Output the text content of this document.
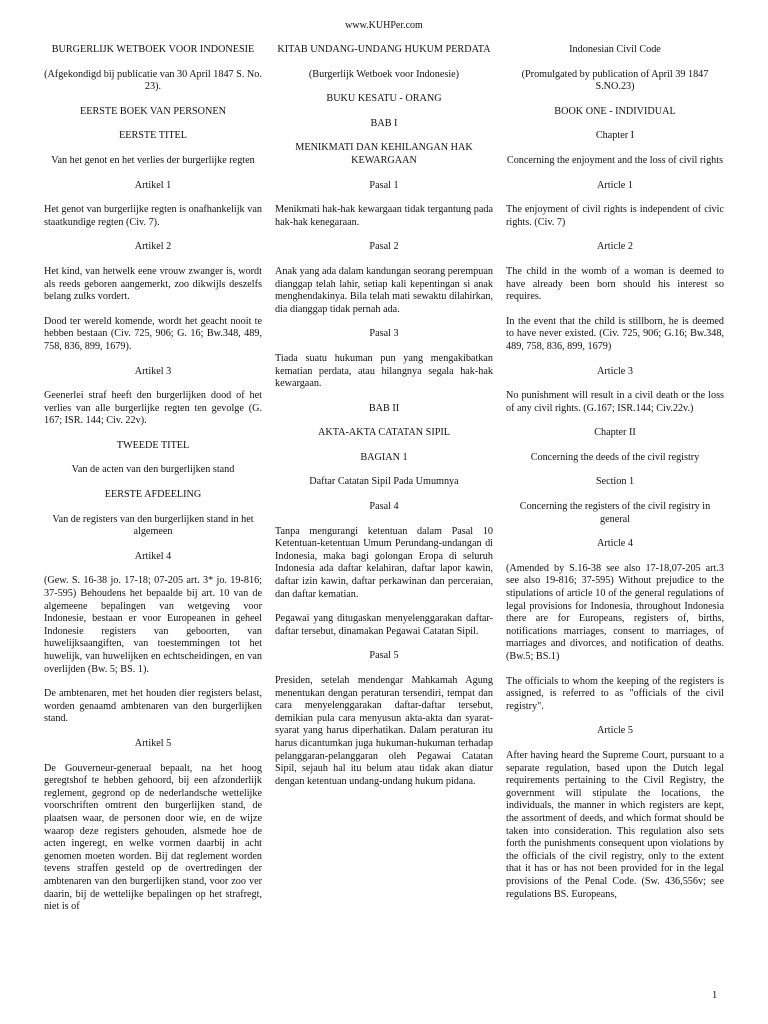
www.KUHPer.com
BURGERLIJK WETBOEK VOOR INDONESIE
(Afgekondigd bij publicatie van 30 April 1847 S. No. 23).
EERSTE BOEK VAN PERSONEN
EERSTE TITEL
Van het genot en het verlies der burgerlijke regten
Artikel 1
Het genot van burgerlijke regten is onafhankelijk van staatkundige regten (Civ. 7).
Artikel 2
Het kind, van hetwelk eene vrouw zwanger is, wordt als reeds geboren aangemerkt, zoo dikwijls deszelfs belang zulks vordert.
Dood ter wereld komende, wordt het geacht nooit te hebben bestaan (Civ. 725, 906; G. 16; Bw.348, 489, 758, 836, 899, 1679).
Artikel 3
Geenerlei straf heeft den burgerlijken dood of het verlies van alle burgerlijke regten ten gevolge (G. 167; ISR. 144; Civ. 22v).
TWEEDE TITEL
Van de acten van den burgerlijken stand
EERSTE AFDEELING
Van de registers van den burgerlijken stand in het algemeen
Artikel 4
(Gew. S. 16-38 jo. 17-18; 07-205 art. 3* jo. 19-816; 37-595) Behoudens het bepaalde bij art. 10 van de algemeene bepalingen van wetgeving voor Indonesie, bestaan er voor Europeanen in geheel Indonesie registers van geboorten, van huwelijksaangiften, van toestemmingen tot het huwelijk, van huwelijken en echtscheidingen, en van overlijden (Bw. 5; BS. 1).
De ambtenaren, met het houden dier registers belast, worden genaamd ambtenaren van den burgerlijken stand.
Artikel 5
De Gouverneur-generaal bepaalt, na het hoog geregtshof te hebben gehoord, bij een afzonderlijk reglement, gegrond op de nederlandsche wettelijke voorschriften omtrent den burgerlijken stand, de plaatsen waar, de personen door wie, en de wijze waarop deze registers gehouden, alsmede hoe de acten ingeregt, en welke vormen daarbij in acht genomen moeten worden. Bij dat reglement worden tevens straffen gesteld op de overtredingen der ambtenaren van den burgerlijken stand, voor zoo ver daarin, bij de wettelijke bepalingen op het strafregt, niet is of
KITAB UNDANG-UNDANG HUKUM PERDATA
(Burgerlijk Wetboek voor Indonesie)
BUKU KESATU - ORANG
BAB I
MENIKMATI DAN KEHILANGAN HAK KEWARGAAN
Pasal 1
Menikmati hak-hak kewargaan tidak tergantung pada hak-hak kenegaraan.
Pasal 2
Anak yang ada dalam kandungan seorang perempuan dianggap telah lahir, setiap kali kepentingan si anak menghendakinya. Bila telah mati sewaktu dilahirkan, dia dianggap tidak pernah ada.
Pasal 3
Tiada suatu hukuman pun yang mengakibatkan kematian perdata, atau hilangnya segala hak-hak kewargaan.
BAB II
AKTA-AKTA CATATAN SIPIL
BAGIAN 1
Daftar Catatan Sipil Pada Umumnya
Pasal 4
Tanpa mengurangi ketentuan dalam Pasal 10 Ketentuan-ketentuan Umum Perundang-undangan di Indonesia, maka bagi golongan Eropa di seluruh Indonesia ada daftar kelahiran, daftar lapor kawin, daftar izin kawin, daftar perkawinan dan perceraian, dan daftar kematian.
Pegawai yang ditugaskan menyelenggarakan daftar-daftar tersebut, dinamakan Pegawai Catatan Sipil.
Pasal 5
Presiden, setelah mendengar Mahkamah Agung menentukan dengan peraturan tersendiri, tempat dan cara menyelenggarakan daftar-daftar tersebut, demikian pula cara menyusun akta-akta dan syarat-syarat yang harus diperhatikan. Dalam peraturan itu harus dicantumkan juga hukuman-hukuman terhadap pelanggaran-pelanggaran oleh Pegawai Catatan Sipil, sejauh hal itu belum atau tidak akan diatur dengan ketentuan undang-undang hukum pidana.
Indonesian Civil Code
(Promulgated by publication of April 39 1847 S.NO.23)
BOOK ONE - INDIVIDUAL
Chapter I
Concerning the enjoyment and the loss of civil rights
Article 1
The enjoyment of civil rights is independent of civic rights. (Civ. 7)
Article 2
The child in the womb of a woman is deemed to have already been born should his interest so requires.
In the event that the child is stillborn, he is deemed to have never existed. (Civ. 725, 906; G.16; Bw.348, 489, 758, 836, 899, 1679)
Article 3
No punishment will result in a civil death or the loss of any civil rights. (G.167; ISR.144; Civ.22v.)
Chapter II
Concerning the deeds of the civil registry
Section 1
Concerning the registers of the civil registry in general
Article 4
(Amended by S.16-38 see also 17-18,07-205 art.3 see also 19-816; 37-595) Without prejudice to the stipulations of article 10 of the general regulations of legal provisions for Indonesia, throughout Indonesia there are for Europeans, registers of, births, notifications marriages, consent to marriages, of marriages and divorces, and notification of deaths. (Bw.5; BS.1)
The officials to whom the keeping of the registers is assigned, is referred to as "officials of the civil registry".
Article 5
After having heard the Supreme Court, pursuant to a separate regulation, based upon the Dutch legal requirements pertaining to the Civil Registry, the government will stipulate the locations, the individuals, the manner in which registers are kept, the assortment of deeds, and which format should be taken into consideration. This regulation also sets forth the punishments consequent upon violations by the officials of the civil registry, only to the extent that it has or has not been provided for in the legal provisions of the Penal Code. (Sw. 436,556v; see regulations BS. Europeans,
1
